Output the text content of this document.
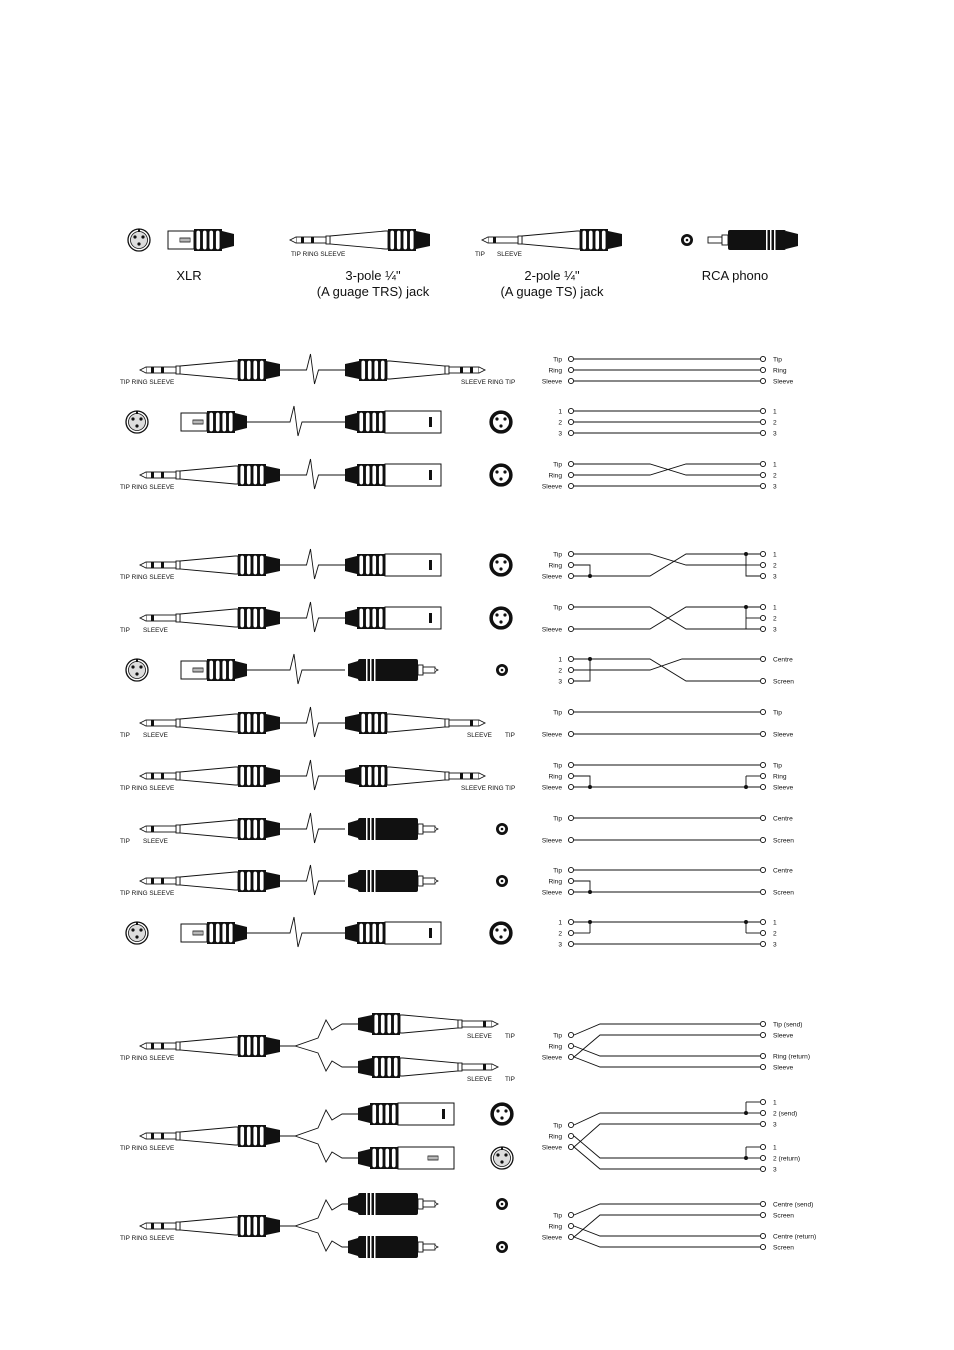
TIP RING SLEEVE	TIP SLEEVE
TIP RING SLEEVE	SLEEVE RING TIP
Tip
Ring
Sleeve
Tip
Ring
Sleeve
1
2
3
1
2
3
TIP RING SLEEVE
Tip
Ring
Sleeve
1
2
3
TIP RING SLEEVE
Tip
Ring
Sleeve
1
2
3
TIP SLEEVE
Tip
Sleeve
1
2
3
1
2
3
Centre
Screen
TIP SLEEVE	SLEEVE TIP
Tip
Sleeve
Tip
Sleeve
TIP RING SLEEVE	SLEEVE RING TIP
Tip
Ring
Sleeve
Tip
Ring
Sleeve
TIP SLEEVE
Tip
Sleeve
Centre
Screen
TIP RING SLEEVE
Tip
Ring
Sleeve
Centre
Screen
1
2
3
1
2
3
TIP RING SLEEVE
SLEEVE TIP
SLEEVE TIP
Tip
Ring
Sleeve
Tip (send)
Sleeve
Ring (return)
Sleeve
TIP RING SLEEVE
Tip
Ring
Sleeve
1
2 (send)
3
1
2 (return)
3
TIP RING SLEEVE
Tip
Ring
Sleeve
Centre (send)
Screen
Centre (return)
Screen
XLR	3-pole ¼"
(A guage TRS) jack
2-pole ¼"
(A guage TS) jack
RCA phono
